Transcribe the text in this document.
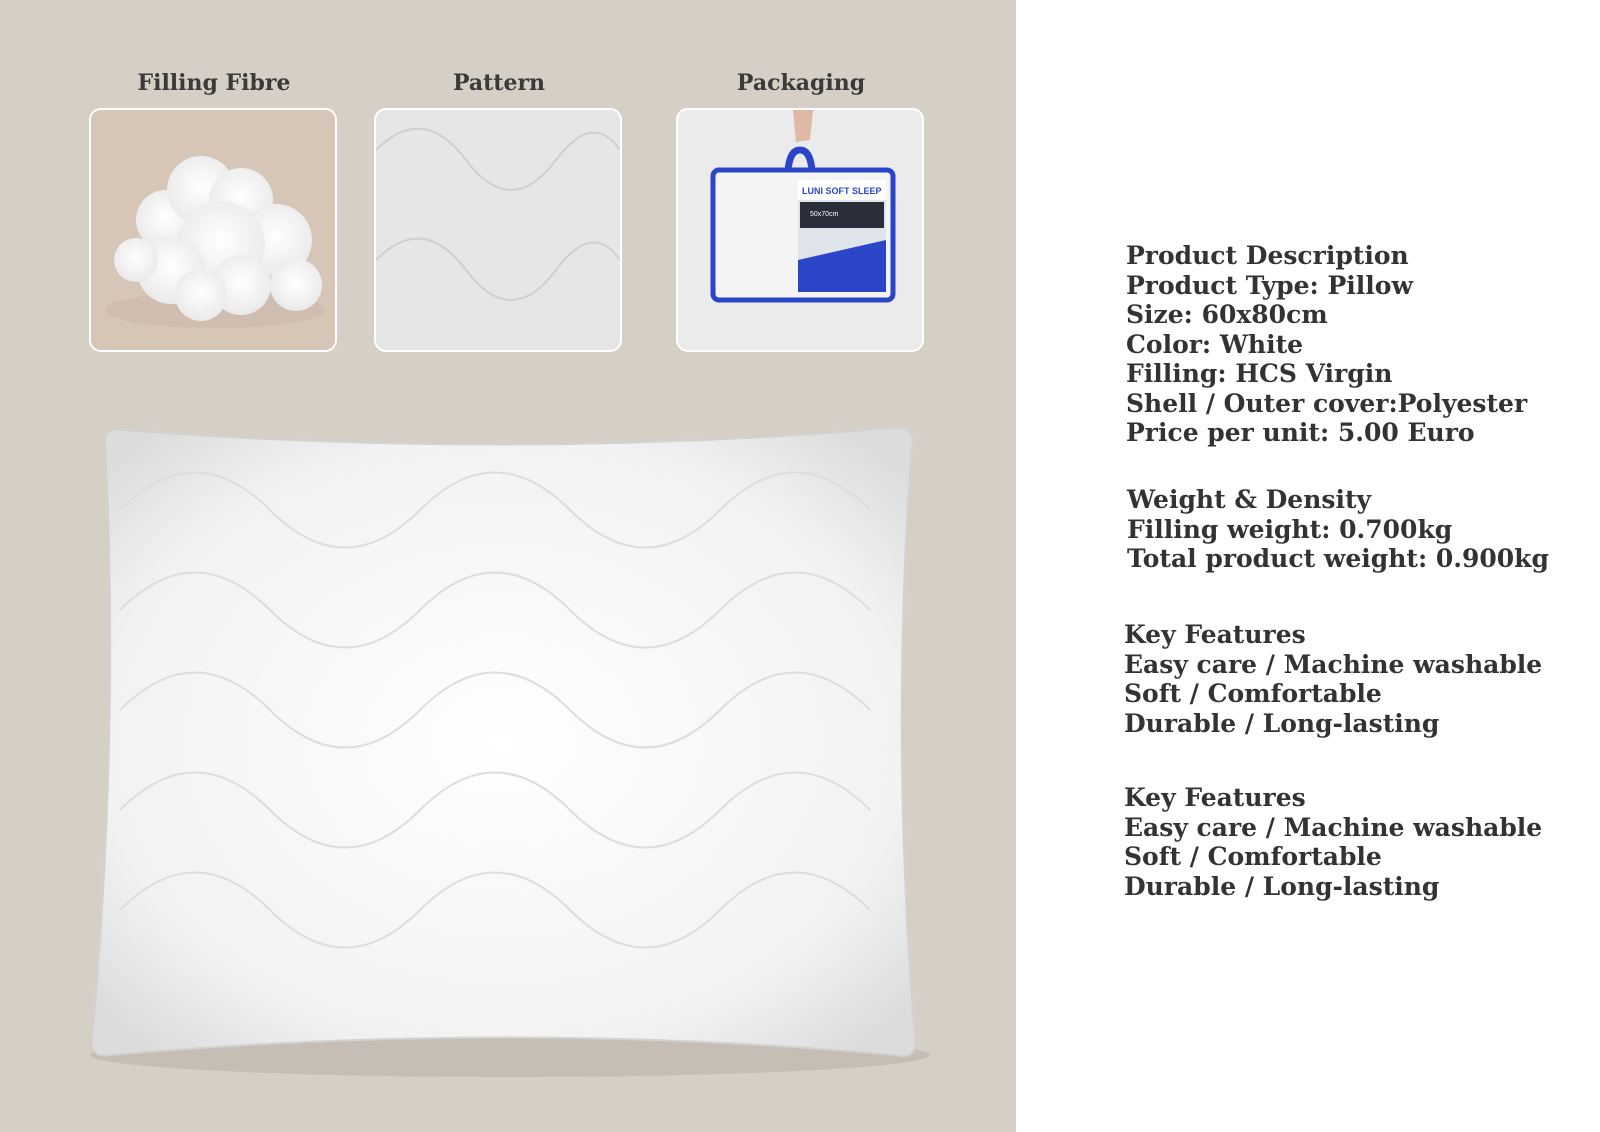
Filling Fibre	Pattern	Packaging
LUNI SOFT SLEEP
50x70cm
Product Description
Product Type: Pillow
Size: 60x80cm
Color: White
Filling: HCS Virgin
Shell / Outer cover:Polyester
Price per unit: 5.00 Euro
Weight & Density
Filling weight: 0.700kg
Total product weight: 0.900kg
Key Features
Easy care / Machine washable
Soft / Comfortable
Durable / Long-lasting
Key Features
Easy care / Machine washable
Soft / Comfortable
Durable / Long-lasting
